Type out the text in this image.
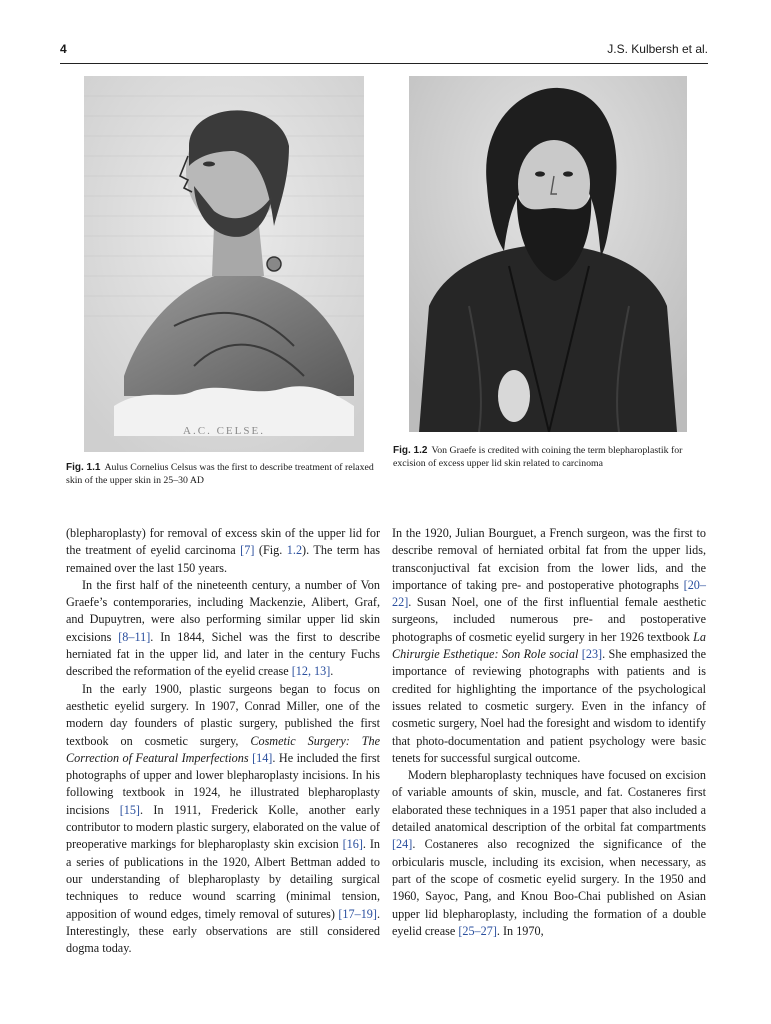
4	J.S. Kulbersh et al.
A.C. CELSE.
Fig. 1.1 Aulus Cornelius Celsus was the first to describe treatment of relaxed skin of the upper skin in 25–30 AD
Fig. 1.2 Von Graefe is credited with coining the term blepharoplastik for excision of excess upper lid skin related to carcinoma

(blepharoplasty) for removal of excess skin of the upper lid for the treatment of eyelid carcinoma [7] (Fig. 1.2). The term has remained over the last 150 years.

In the first half of the nineteenth century, a number of Von Graefe’s contemporaries, including Mackenzie, Alibert, Graf, and Dupuytren, were also performing similar upper lid skin excisions [8–11]. In 1844, Sichel was the first to describe herniated fat in the upper lid, and later in the century Fuchs described the reformation of the eyelid crease [12, 13].

In the early 1900, plastic surgeons began to focus on aesthetic eyelid surgery. In 1907, Conrad Miller, one of the modern day founders of plastic surgery, published the first textbook on cosmetic surgery, Cosmetic Surgery: The Correction of Featural Imperfections [14]. He included the first photographs of upper and lower blepharoplasty incisions. In his following textbook in 1924, he illustrated blepharoplasty incisions [15]. In 1911, Frederick Kolle, another early contributor to modern plastic surgery, elaborated on the value of preoperative markings for blepharoplasty skin excision [16]. In a series of publications in the 1920, Albert Bettman added to our understanding of blepharoplasty by detailing surgical techniques to reduce wound scarring (minimal tension, apposition of wound edges, timely removal of sutures) [17–19]. Interestingly, these early observations are still considered dogma today.

In the 1920, Julian Bourguet, a French surgeon, was the first to describe removal of herniated orbital fat from the upper lids, transconjuctival fat excision from the lower lids, and the importance of taking pre- and postoperative photographs [20–22]. Susan Noel, one of the first influential female aesthetic surgeons, included numerous pre- and postoperative photographs of cosmetic eyelid surgery in her 1926 textbook La Chirurgie Esthetique: Son Role social [23]. She emphasized the importance of reviewing photographs with patients and is credited for highlighting the importance of the psychological issues related to cosmetic surgery. Even in the infancy of cosmetic surgery, Noel had the foresight and wisdom to identify that photo-documentation and patient psychology were basic tenets for successful surgical outcome.

Modern blepharoplasty techniques have focused on excision of variable amounts of skin, muscle, and fat. Costaneres first elaborated these techniques in a 1951 paper that also included a detailed anatomical description of the orbital fat compartments [24]. Costaneres also recognized the significance of the orbicularis muscle, including its excision, when necessary, as part of the scope of cosmetic eyelid surgery. In the 1950 and 1960, Sayoc, Pang, and Knou Boo-Chai published on Asian upper lid blepharoplasty, including the formation of a double eyelid crease [25–27]. In 1970,
